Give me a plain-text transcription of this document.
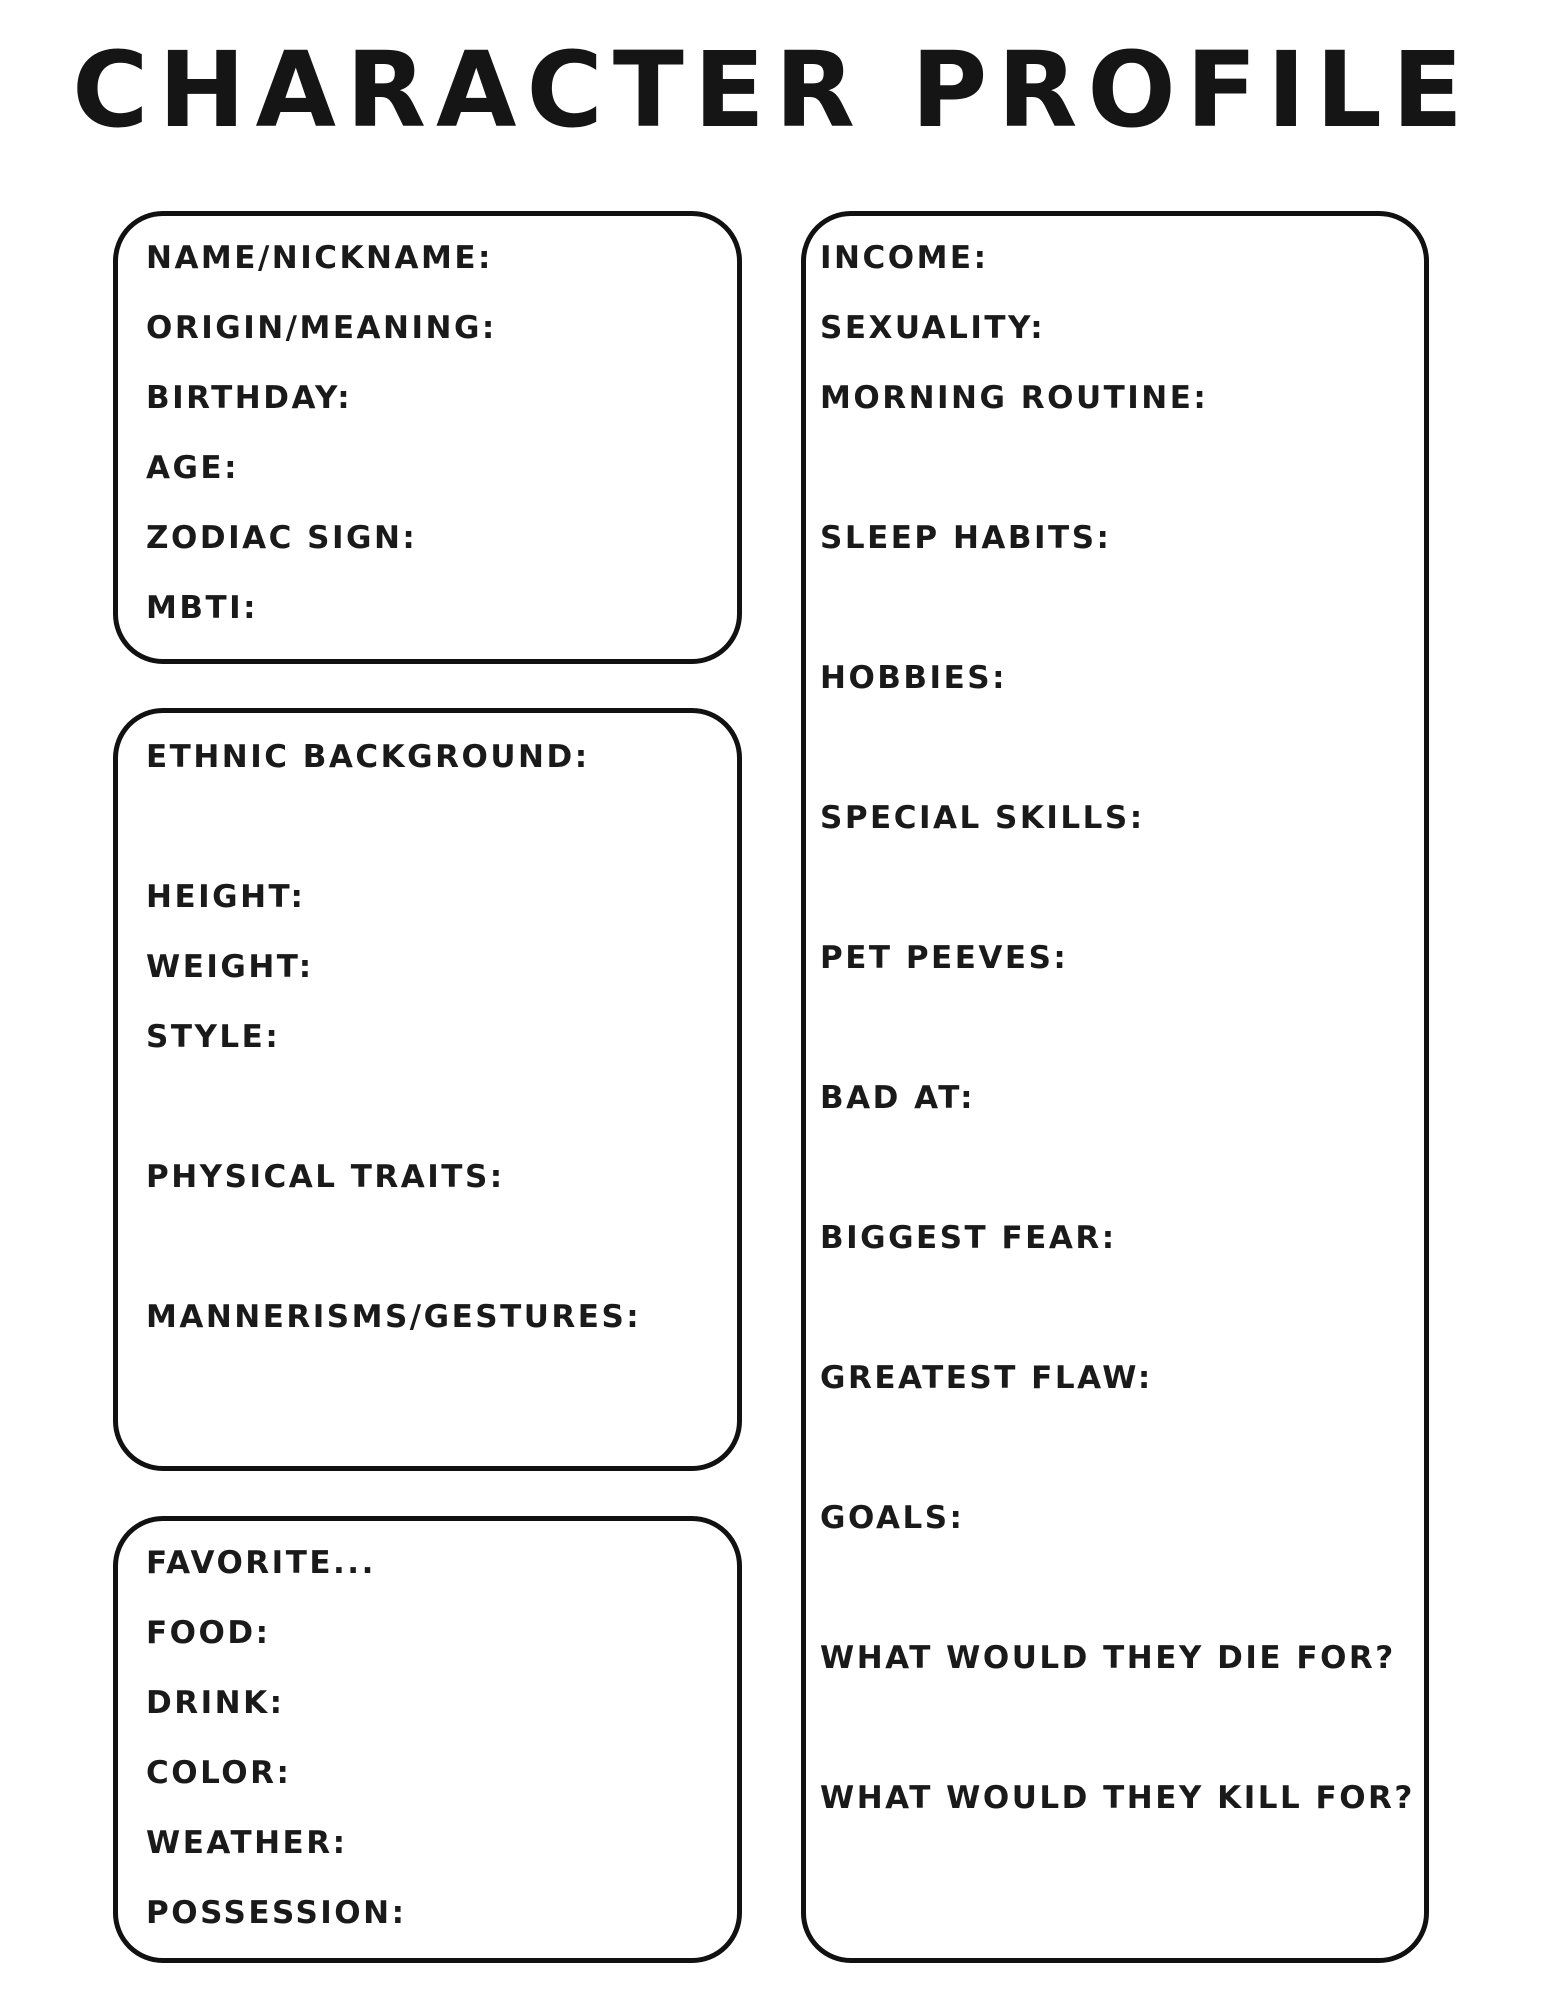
CHARACTER PROFILE
NAME/NICKNAME:
ORIGIN/MEANING:
BIRTHDAY:
AGE:
ZODIAC SIGN:
MBTI:
ETHNIC BACKGROUND:
HEIGHT:
WEIGHT:
STYLE:
PHYSICAL TRAITS:
MANNERISMS/GESTURES:
FAVORITE...
FOOD:
DRINK:
COLOR:
WEATHER:
POSSESSION:
INCOME:
SEXUALITY:
MORNING ROUTINE:
SLEEP HABITS:
HOBBIES:
SPECIAL SKILLS:
PET PEEVES:
BAD AT:
BIGGEST FEAR:
GREATEST FLAW:
GOALS:
WHAT WOULD THEY DIE FOR?
WHAT WOULD THEY KILL FOR?
